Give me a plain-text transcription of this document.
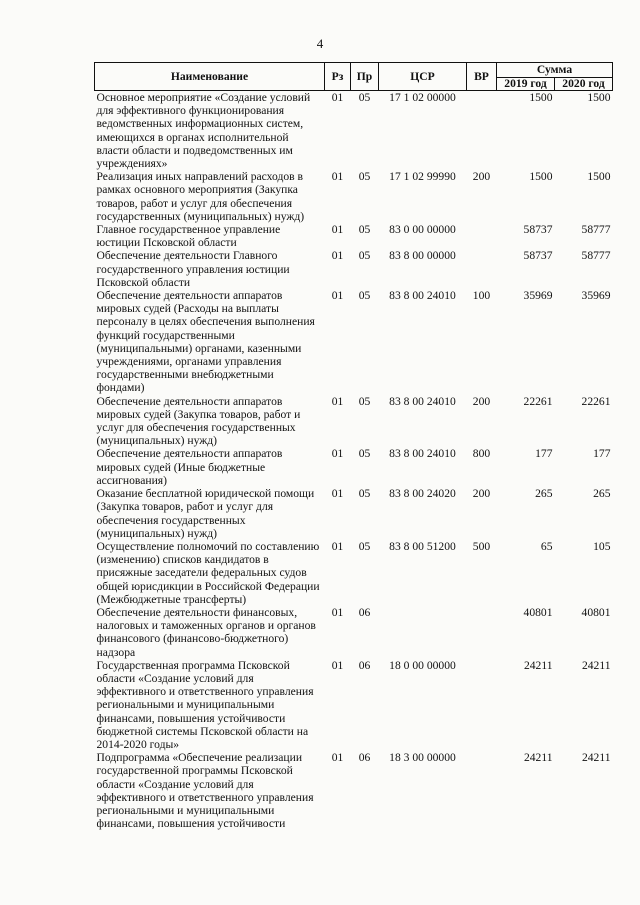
4
Наименование	Рз	Пр	ЦСР	ВР	Сумма	
					2019 год	2020 год
Основное мероприятие «Создание условий для эффективного функционирования ведомственных информационных систем, имеющихся в органах исполнительной власти области и подведомственных им учреждениях»	01	05	17 1 02 00000		1500	1500
Реализация иных направлений расходов в рамках основного мероприятия (Закупка товаров, работ и услуг для обеспечения государственных (муниципальных) нужд)	01	05	17 1 02 99990	200	1500	1500
Главное государственное управление юстиции Псковской области	01	05	83 0 00 00000		58737	58777
Обеспечение деятельности Главного государственного управления юстиции Псковской области	01	05	83 8 00 00000		58737	58777
Обеспечение деятельности аппаратов мировых судей (Расходы на выплаты персоналу в целях обеспечения выполнения функций государственными (муниципальными) органами, казенными учреждениями, органами управления государственными внебюджетными фондами)	01	05	83 8 00 24010	100	35969	35969
Обеспечение деятельности аппаратов мировых судей (Закупка товаров, работ и услуг для обеспечения государственных (муниципальных) нужд)	01	05	83 8 00 24010	200	22261	22261
Обеспечение деятельности аппаратов мировых судей (Иные бюджетные ассигнования)	01	05	83 8 00 24010	800	177	177
Оказание бесплатной юридической помощи (Закупка товаров, работ и услуг для обеспечения государственных (муниципальных) нужд)	01	05	83 8 00 24020	200	265	265
Осуществление полномочий по составлению (изменению) списков кандидатов в присяжные заседатели федеральных судов общей юрисдикции в Российской Федерации (Межбюджетные трансферты)	01	05	83 8 00 51200	500	65	105
Обеспечение деятельности финансовых, налоговых и таможенных органов и органов финансового (финансово-бюджетного) надзора	01	06			40801	40801
Государственная программа Псковской области «Создание условий для эффективного и ответственного управления региональными и муниципальными финансами, повышения устойчивости бюджетной системы Псковской области на 2014-2020 годы»	01	06	18 0 00 00000		24211	24211
Подпрограмма «Обеспечение реализации государственной программы Псковской области «Создание условий для эффективного и ответственного управления региональными и муниципальными финансами, повышения устойчивости	01	06	18 3 00 00000		24211	24211
